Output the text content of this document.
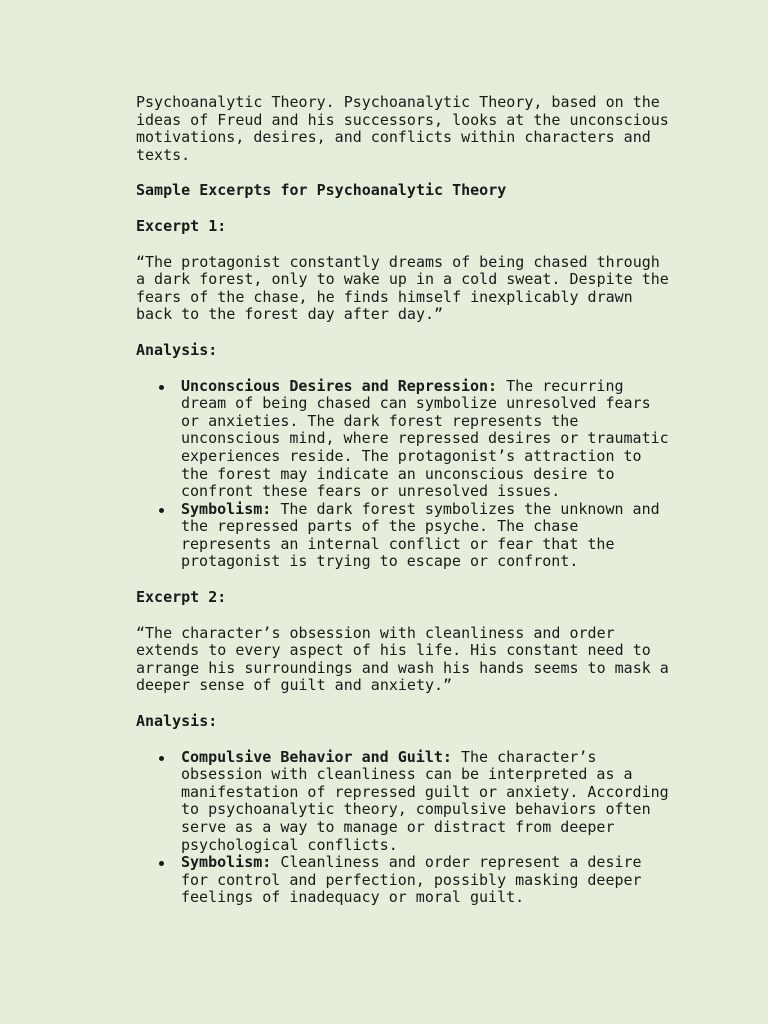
Psychoanalytic Theory. Psychoanalytic Theory, based on the ideas of Freud and his successors, looks at the unconscious motivations, desires, and conflicts within characters and texts.

Sample Excerpts for Psychoanalytic Theory
Excerpt 1:

“The protagonist constantly dreams of being chased through a dark forest, only to wake up in a cold sweat. Despite the fears of the chase, he finds himself inexplicably drawn back to the forest day after day.”

Analysis:
Unconscious Desires and Repression: The recurring dream of being chased can symbolize unresolved fears or anxieties. The dark forest represents the unconscious mind, where repressed desires or traumatic experiences reside. The protagonist’s attraction to the forest may indicate an unconscious desire to confront these fears or unresolved issues.
Symbolism: The dark forest symbolizes the unknown and the repressed parts of the psyche. The chase represents an internal conflict or fear that the protagonist is trying to escape or confront.
Excerpt 2:

“The character’s obsession with cleanliness and order extends to every aspect of his life. His constant need to arrange his surroundings and wash his hands seems to mask a deeper sense of guilt and anxiety.”

Analysis:
Compulsive Behavior and Guilt: The character’s obsession with cleanliness can be interpreted as a manifestation of repressed guilt or anxiety. According to psychoanalytic theory, compulsive behaviors often serve as a way to manage or distract from deeper psychological conflicts.
Symbolism: Cleanliness and order represent a desire for control and perfection, possibly masking deeper feelings of inadequacy or moral guilt.
